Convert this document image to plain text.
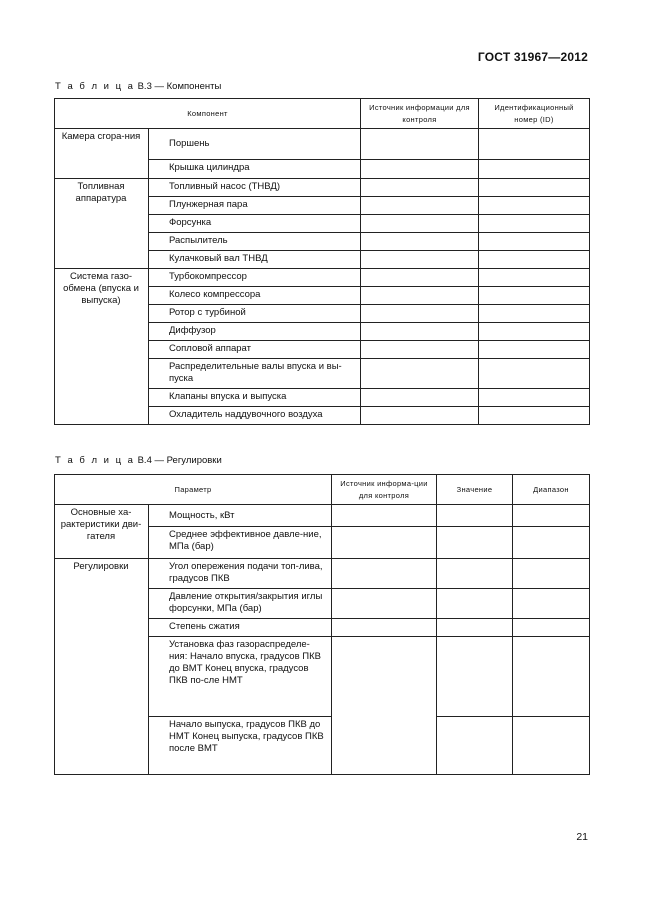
ГОСТ 31967—2012
Т а б л и ц а В.3 — Компоненты
Компонент		Источник информации для контроля	Идентификационный номер (ID)
Камера сгора-ния	Поршень		
	Крышка цилиндра		
Топливная аппаратура	Топливный насос (ТНВД)		
	Плунжерная пара		
	Форсунка		
	Распылитель		
	Кулачковый вал ТНВД		
Система газо-обмена (впуска и выпуска)	Турбокомпрессор		
	Колесо компрессора		
	Ротор с турбиной		
	Диффузор		
	Сопловой аппарат		
	Распределительные валы впуска и вы-пуска		
	Клапаны впуска и выпуска		
	Охладитель наддувочного воздуха		
Т а б л и ц а В.4 — Регулировки
Параметр		Источник информа-ции для контроля	Значение	Диапазон
Основные ха-рактеристики дви-гателя	Мощность, кВт			
	Среднее эффективное давле-ние, МПа (бар)			
Регулировки	Угол опережения подачи топ-лива, градусов ПКВ			
	Давление открытия/закрытия иглы форсунки, МПа (бар)			
	Степень сжатия			
	Установка фаз газораспределе-ния: Начало впуска, градусов ПКВ до ВМТ Конец впуска, градусов ПКВ по-сле НМТ			
	Начало выпуска, градусов ПКВ до НМТ Конец выпуска, градусов ПКВ после ВМТ			
21
